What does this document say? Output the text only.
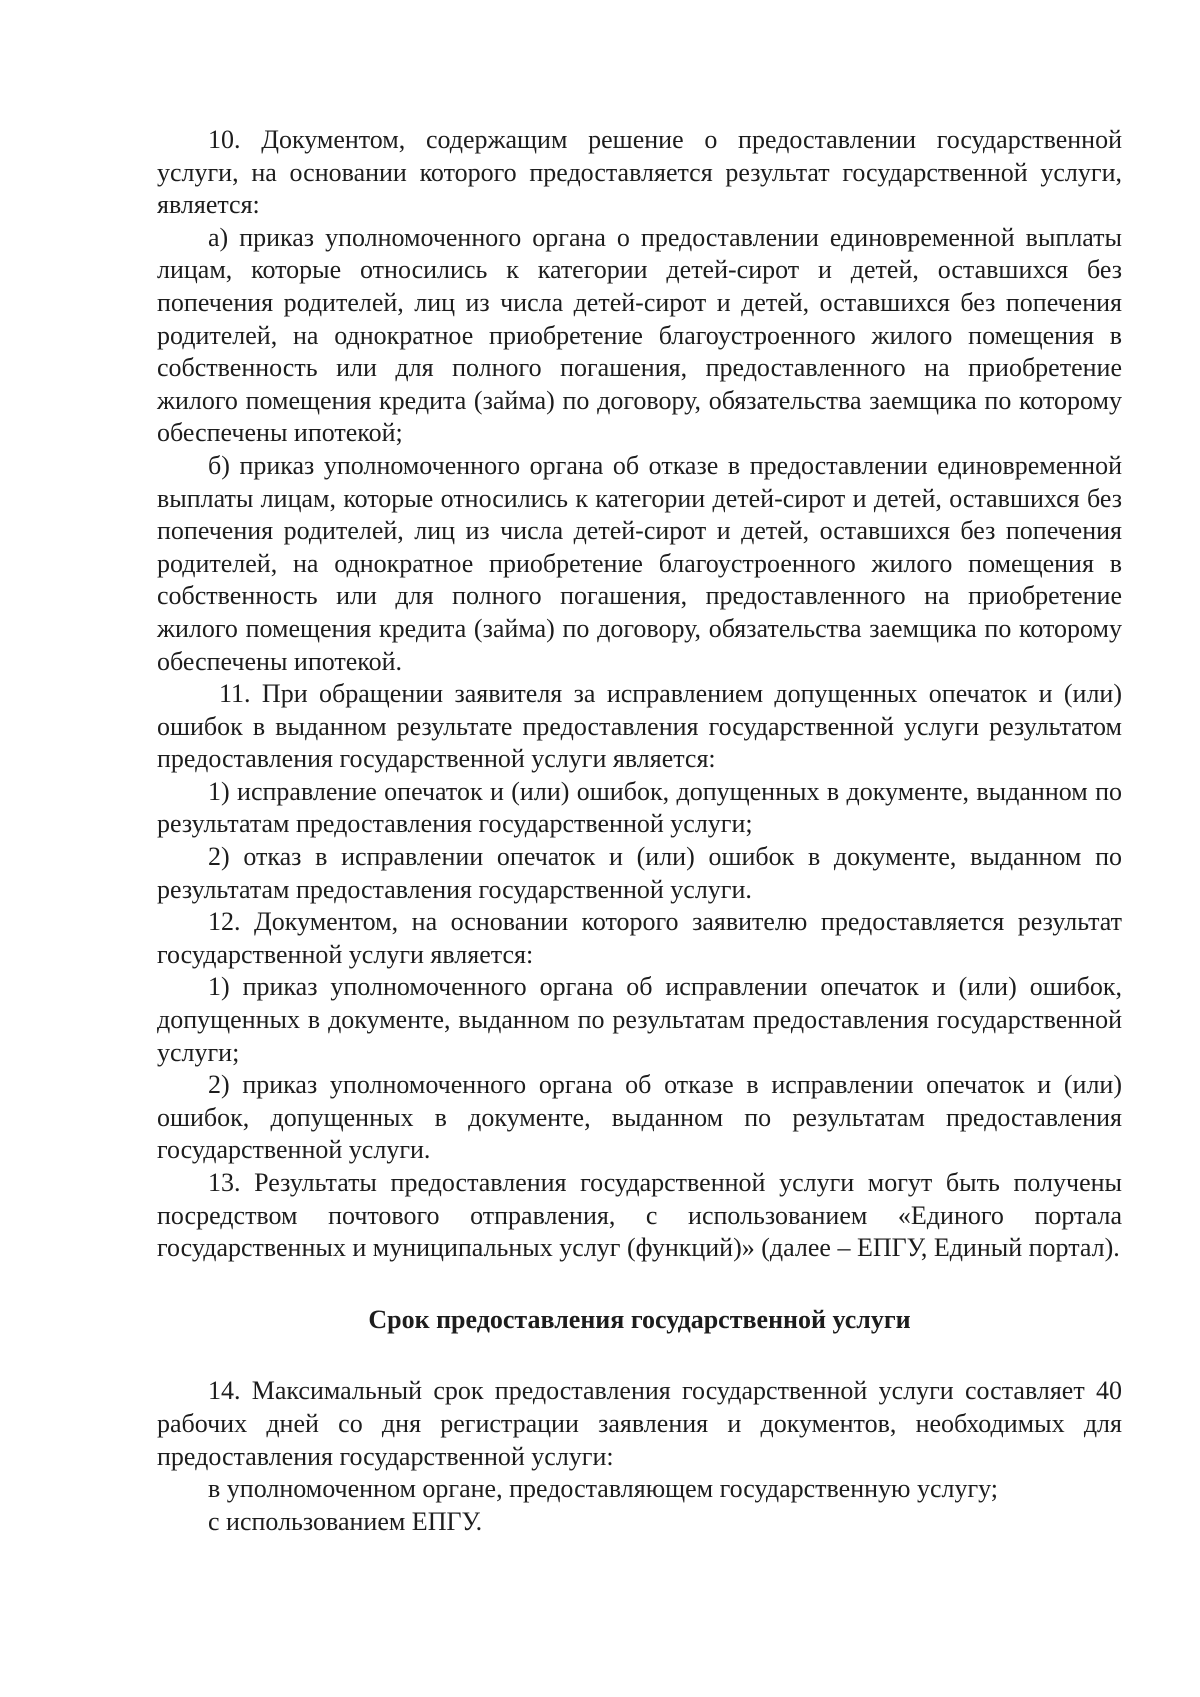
10. Документом, содержащим решение о предоставлении государственной услуги, на основании которого предоставляется результат государственной услуги, является:

а) приказ уполномоченного органа о предоставлении единовременной выплаты лицам, которые относились к категории детей-сирот и детей, оставшихся без попечения родителей, лиц из числа детей-сирот и детей, оставшихся без попечения родителей, на однократное приобретение благоустроенного жилого помещения в собственность или для полного погашения, предоставленного на приобретение жилого помещения кредита (займа) по договору, обязательства заемщика по которому обеспечены ипотекой;

б) приказ уполномоченного органа об отказе в предоставлении единовременной выплаты лицам, которые относились к категории детей-сирот и детей, оставшихся без попечения родителей, лиц из числа детей-сирот и детей, оставшихся без попечения родителей, на однократное приобретение благоустроенного жилого помещения в собственность или для полного погашения, предоставленного на приобретение жилого помещения кредита (займа) по договору, обязательства заемщика по которому обеспечены ипотекой.

11. При обращении заявителя за исправлением допущенных опечаток и (или) ошибок в выданном результате предоставления государственной услуги результатом предоставления государственной услуги является:

1) исправление опечаток и (или) ошибок, допущенных в документе, выданном по результатам предоставления государственной услуги;

2) отказ в исправлении опечаток и (или) ошибок в документе, выданном по результатам предоставления государственной услуги.

12. Документом, на основании которого заявителю предоставляется результат государственной услуги является:

1) приказ уполномоченного органа об исправлении опечаток и (или) ошибок, допущенных в документе, выданном по результатам предоставления государственной услуги;

2) приказ уполномоченного органа об отказе в исправлении опечаток и (или) ошибок, допущенных в документе, выданном по результатам предоставления государственной услуги.

13. Результаты предоставления государственной услуги могут быть получены посредством почтового отправления, с использованием «Единого портала государственных и муниципальных услуг (функций)» (далее – ЕПГУ, Единый портал).

Срок предоставления государственной услуги

14. Максимальный срок предоставления государственной услуги составляет 40 рабочих дней со дня регистрации заявления и документов, необходимых для предоставления государственной услуги:

в уполномоченном органе, предоставляющем государственную услугу;

с использованием ЕПГУ.
